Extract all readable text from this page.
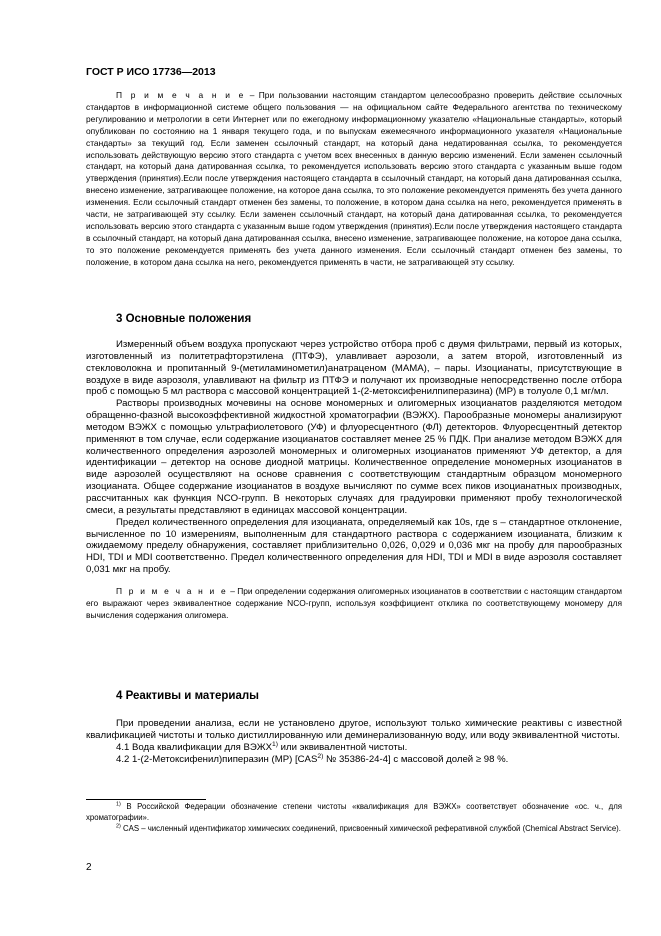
ГОСТ Р ИСО 17736—2013

П р и м е ч а н и е – При пользовании настоящим стандартом целесообразно проверить действие ссылочных стандартов в информационной системе общего пользования — на официальном сайте Федерального агентства по техническому регулированию и метрологии в сети Интернет или по ежегодному информационному указателю «Национальные стандарты», который опубликован по состоянию на 1 января текущего года, и по выпускам ежемесячного информационного указателя «Национальные стандарты» за текущий год. Если заменен ссылочный стандарт, на который дана недатированная ссылка, то рекомендуется использовать действующую версию этого стандарта с учетом всех внесенных в данную версию изменений. Если заменен ссылочный стандарт, на который дана датированная ссылка, то рекомендуется использовать версию этого стандарта с указанным выше годом утверждения (принятия).Если после утверждения настоящего стандарта в ссылочный стандарт, на который дана датированная ссылка, внесено изменение, затрагивающее положение, на которое дана ссылка, то это положение рекомендуется применять без учета данного изменения. Если ссылочный стандарт отменен без замены, то положение, в котором дана ссылка на него, рекомендуется применять в части, не затрагивающей эту ссылку. Если заменен ссылочный стандарт, на который дана датированная ссылка, то рекомендуется использовать версию этого стандарта с указанным выше годом утверждения (принятия).Если после утверждения настоящего стандарта в ссылочный стандарт, на который дана датированная ссылка, внесено изменение, затрагивающее положение, на которое дана ссылка, то это положение рекомендуется применять без учета данного изменения. Если ссылочный стандарт отменен без замены, то положение, в котором дана ссылка на него, рекомендуется применять в части, не затрагивающей эту ссылку.

3 Основные положения

Измеренный объем воздуха пропускают через устройство отбора проб с двумя фильтрами, первый из которых, изготовленный из политетрафторэтилена (ПТФЭ), улавливает аэрозоли, а затем второй, изготовленный из стекловолокна и пропитанный 9-(метиламинометил)анатраценом (МАМА), – пары. Изоцианаты, присутствующие в воздухе в виде аэрозоля, улавливают на фильтр из ПТФЭ и получают их производные непосредственно после отбора проб с помощью 5 мл раствора с массовой концентрацией 1-(2-метоксифенилпиперазина) (МР) в толуоле 0,1 мг/мл.

Растворы производных мочевины на основе мономерных и олигомерных изоцианатов разделяются методом обращенно-фазной высокоэффективной жидкостной хроматографии (ВЭЖХ). Парообразные мономеры анализируют методом ВЭЖХ с помощью ультрафиолетового (УФ) и флуоресцентного (ФЛ) детекторов. Флуоресцентный детектор применяют в том случае, если содержание изоцианатов составляет менее 25 % ПДК. При анализе методом ВЭЖХ для количественного определения аэрозолей мономерных и олигомерных изоцианатов применяют УФ детектор, а для идентификации – детектор на основе диодной матрицы. Количественное определение мономерных изоцианатов в виде аэрозолей осуществляют на основе сравнения с соответствующим стандартным образцом мономерного изоцианата. Общее содержание изоцианатов в воздухе вычисляют по сумме всех пиков изоцианатных производных, рассчитанных как функция NCO-групп. В некоторых случаях для градуировки применяют пробу технологической смеси, а результаты представляют в единицах массовой концентрации.

Предел количественного определения для изоцианата, определяемый как 10s, где s – стандартное отклонение, вычисленное по 10 измерениям, выполненным для стандартного раствора с содержанием изоцианата, близким к ожидаемому пределу обнаружения, составляет приблизительно 0,026, 0,029 и 0,036 мкг на пробу для парообразных HDI, TDI и MDI соответственно. Предел количественного определения для HDI, TDI и MDI в виде аэрозоля составляет 0,031 мкг на пробу.

П р и м е ч а н и е – При определении содержания олигомерных изоцианатов в соответствии с настоящим стандартом его выражают через эквивалентное содержание NCO-групп, используя коэффициент отклика по соответствующему мономеру для вычисления содержания олигомера.

4 Реактивы и материалы

При проведении анализа, если не установлено другое, используют только химические реактивы с известной квалификацией чистоты и только дистиллированную или деминерализованную воду, или воду эквивалентной чистоты.

4.1 Вода квалификации для ВЭЖХ$^{1)}$ или эквивалентной чистоты.

4.2 1-(2-Метоксифенил)пиперазин (МР) [CAS$^{2)}$ № 35386-24-4] с массовой долей ≥ 98 %.

$^{1)}$ В Российской Федерации обозначение степени чистоты «квалификация для ВЭЖХ» соответствует обозначение «ос. ч., для хроматографии».

$^{2)}$ CAS – численный идентификатор химических соединений, присвоенный химической реферативной службой (Chemical Abstract Service).

2
